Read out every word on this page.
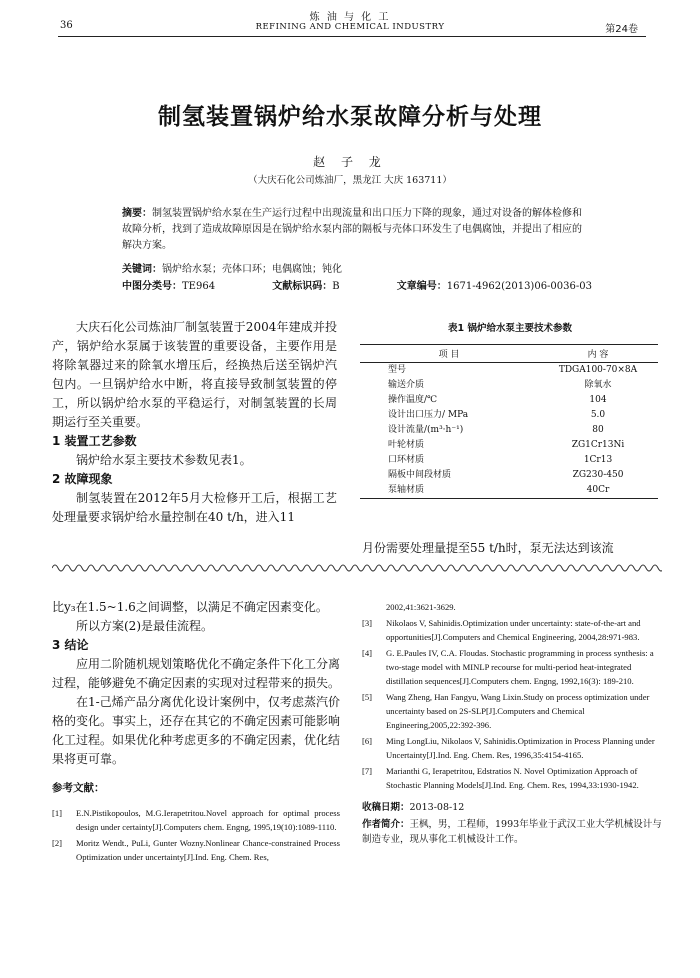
炼 油 与 化 工
REFINING AND CHEMICAL INDUSTRY
36	第24卷
制氢装置锅炉给水泵故障分析与处理
赵 子 龙
（大庆石化公司炼油厂，黑龙江 大庆 163711）
摘要：制氢装置锅炉给水泵在生产运行过程中出现流量和出口压力下降的现象，通过对设备的解体检修和故障分析，找到了造成故障原因是在锅炉给水泵内部的隔板与壳体口环发生了电偶腐蚀，并提出了相应的解决方案。
关键词：锅炉给水泵；壳体口环；电偶腐蚀；钝化
中图分类号：TE964	文献标识码：B	文章编号：1671-4962(2013)06-0036-03

大庆石化公司炼油厂制氢装置于2004年建成并投产，锅炉给水泵属于该装置的重要设备，主要作用是将除氧器过来的除氧水增压后，经换热后送至锅炉汽包内。一旦锅炉给水中断，将直接导致制氢装置的停工，所以锅炉给水泵的平稳运行，对制氢装置的长周期运行至关重要。

1 装置工艺参数

锅炉给水泵主要技术参数见表1。

2 故障现象

制氢装置在2012年5月大检修开工后，根据工艺处理量要求锅炉给水量控制在40 t/h，进入11

表1 锅炉给水泵主要技术参数
项 目	内 容
型号	TDGA100-70×8A
输送介质	除氧水
操作温度/℃	104
设计出口压力/ MPa	5.0
设计流量/(m³·h⁻¹)	80
叶轮材质	ZG1Cr13Ni
口环材质	1Cr13
隔板中间段材质	ZG230-450
泵轴材质	40Cr
月份需要处理量提至55 t/h时，泵无法达到该流

比y₃在1.5~1.6之间调整，以满足不确定因素变化。

所以方案(2)是最佳流程。

3 结论

应用二阶随机规划策略优化不确定条件下化工分离过程，能够避免不确定因素的实现对过程带来的损失。

在1-己烯产品分离优化设计案例中，仅考虑蒸汽价格的变化。事实上，还存在其它的不确定因素可能影响化工过程。如果优化种考虑更多的不确定因素，优化结果将更可靠。

参考文献：
[1]	E.N.Pistikopoulos, M.G.Ierapetritou.Novel approach for optimal process design under certainty[J].Computers chem. Engng, 1995,19(10):1089-1110.
[2]	Moritz Wendt., PuLi, Gunter Wozny.Nonlinear Chance-constrained Process Optimization under uncertainty[J].Ind. Eng. Chem. Res,
2002,41:3621-3629.
[3]	Nikolaos V, Sahinidis.Optimization under uncertainty: state-of-the-art and opportunities[J].Computers and Chemical Engineering, 2004,28:971-983.
[4]	G. E.Paules IV, C.A. Floudas. Stochastic programming in process synthesis: a two-stage model with MINLP recourse for multi-period heat-integrated distillation sequences[J].Computers chem. Engng, 1992,16(3): 189-210.
[5]	Wang Zheng, Han Fangyu, Wang Lixin.Study on process optimization under uncertainty based on 2S-SLP[J].Computers and Chemical Engineering,2005,22:392-396.
[6]	Ming LongLiu, Nikolaos V, Sahinidis.Optimization in Process Planning under Uncertainty[J].Ind. Eng. Chem. Res, 1996,35:4154-4165.
[7]	Marianthi G, Ierapetritou, Edstratios N. Novel Optimization Approach of Stochastic Planning Models[J].Ind. Eng. Chem. Res, 1994,33:1930-1942.
收稿日期：2013-08-12
作者简介：王枫，男，工程师，1993年毕业于武汉工业大学机械设计与制造专业，现从事化工机械设计工作。
